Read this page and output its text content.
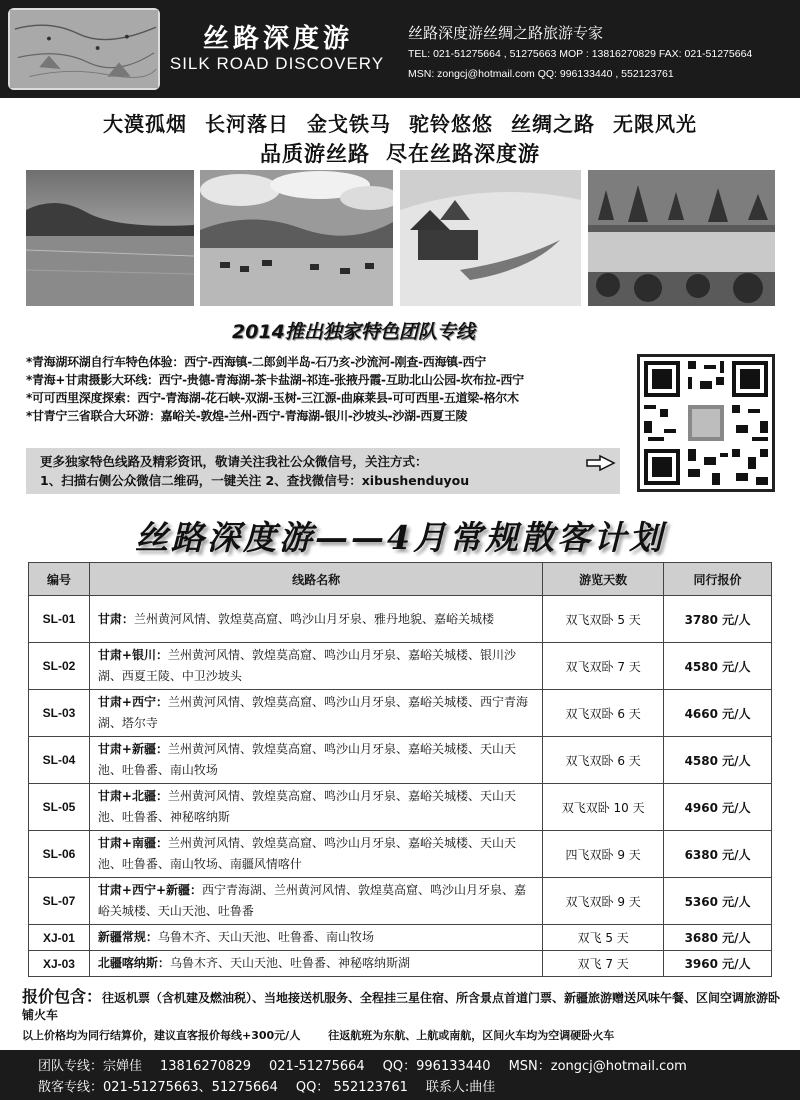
丝路深度游
SILK ROAD DISCOVERY
丝路深度游丝绸之路旅游专家
TEL: 021-51275664 , 51275663 MOP : 13816270829 FAX: 021-51275664
MSN: zongcj@hotmail.com QQ: 996133440 , 552123761
大漠孤烟 长河落日 金戈铁马 驼铃悠悠 丝绸之路 无限风光
品质游丝路 尽在丝路深度游
2014推出独家特色团队专线
*青海湖环湖自行车特色体验：西宁-西海镇-二郎剑半岛-石乃亥-沙流河-刚查-西海镇-西宁
*青海+甘肃摄影大环线：西宁-贵德-青海湖-茶卡盐湖-祁连-张掖丹霞-互助北山公园-坎布拉-西宁
*可可西里深度探索：西宁-青海湖-花石峡-双湖-玉树-三江源-曲麻莱县-可可西里-五道梁-格尔木
*甘青宁三省联合大环游：嘉峪关-敦煌-兰州-西宁-青海湖-银川-沙坡头-沙湖-西夏王陵
更多独家特色线路及精彩资讯，敬请关注我社公众微信号，关注方式：
1、扫描右侧公众微信二维码，一键关注 2、查找微信号：xibushenduyou
丝路深度游——4月常规散客计划
编号	线路名称	游览天数	同行报价
SL-01	甘肃：兰州黄河风情、敦煌莫高窟、鸣沙山月牙泉、雅丹地貌、嘉峪关城楼	双飞双卧 5 天	3780 元/人
SL-02	甘肃+银川：兰州黄河风情、敦煌莫高窟、鸣沙山月牙泉、嘉峪关城楼、银川沙湖、西夏王陵、中卫沙坡头	双飞双卧 7 天	4580 元/人
SL-03	甘肃+西宁：兰州黄河风情、敦煌莫高窟、鸣沙山月牙泉、嘉峪关城楼、西宁青海湖、塔尔寺	双飞双卧 6 天	4660 元/人
SL-04	甘肃+新疆：兰州黄河风情、敦煌莫高窟、鸣沙山月牙泉、嘉峪关城楼、天山天池、吐鲁番、南山牧场	双飞双卧 6 天	4580 元/人
SL-05	甘肃+北疆：兰州黄河风情、敦煌莫高窟、鸣沙山月牙泉、嘉峪关城楼、天山天池、吐鲁番、神秘喀纳斯	双飞双卧 10 天	4960 元/人
SL-06	甘肃+南疆：兰州黄河风情、敦煌莫高窟、鸣沙山月牙泉、嘉峪关城楼、天山天池、吐鲁番、南山牧场、南疆风情喀什	四飞双卧 9 天	6380 元/人
SL-07	甘肃+西宁+新疆：西宁青海湖、兰州黄河风情、敦煌莫高窟、鸣沙山月牙泉、嘉峪关城楼、天山天池、吐鲁番	双飞双卧 9 天	5360 元/人
XJ-01	新疆常规：乌鲁木齐、天山天池、吐鲁番、南山牧场	双飞 5 天	3680 元/人
XJ-03	北疆喀纳斯：乌鲁木齐、天山天池、吐鲁番、神秘喀纳斯湖	双飞 7 天	3960 元/人
报价包含：往返机票（含机建及燃油税）、当地接送机服务、全程挂三星住宿、所含景点首道门票、新疆旅游赠送风味午餐、区间空调旅游卧铺火车
以上价格均为同行结算价，建议直客报价每线+300元/人	往返航班为东航、上航或南航，区间火车均为空调硬卧火车
团队专线：宗婵佳 13816270829 021-51275664 QQ：996133440 MSN：zongcj@hotmail.com
散客专线：021-51275663、51275664 QQ： 552123761 联系人:曲佳
